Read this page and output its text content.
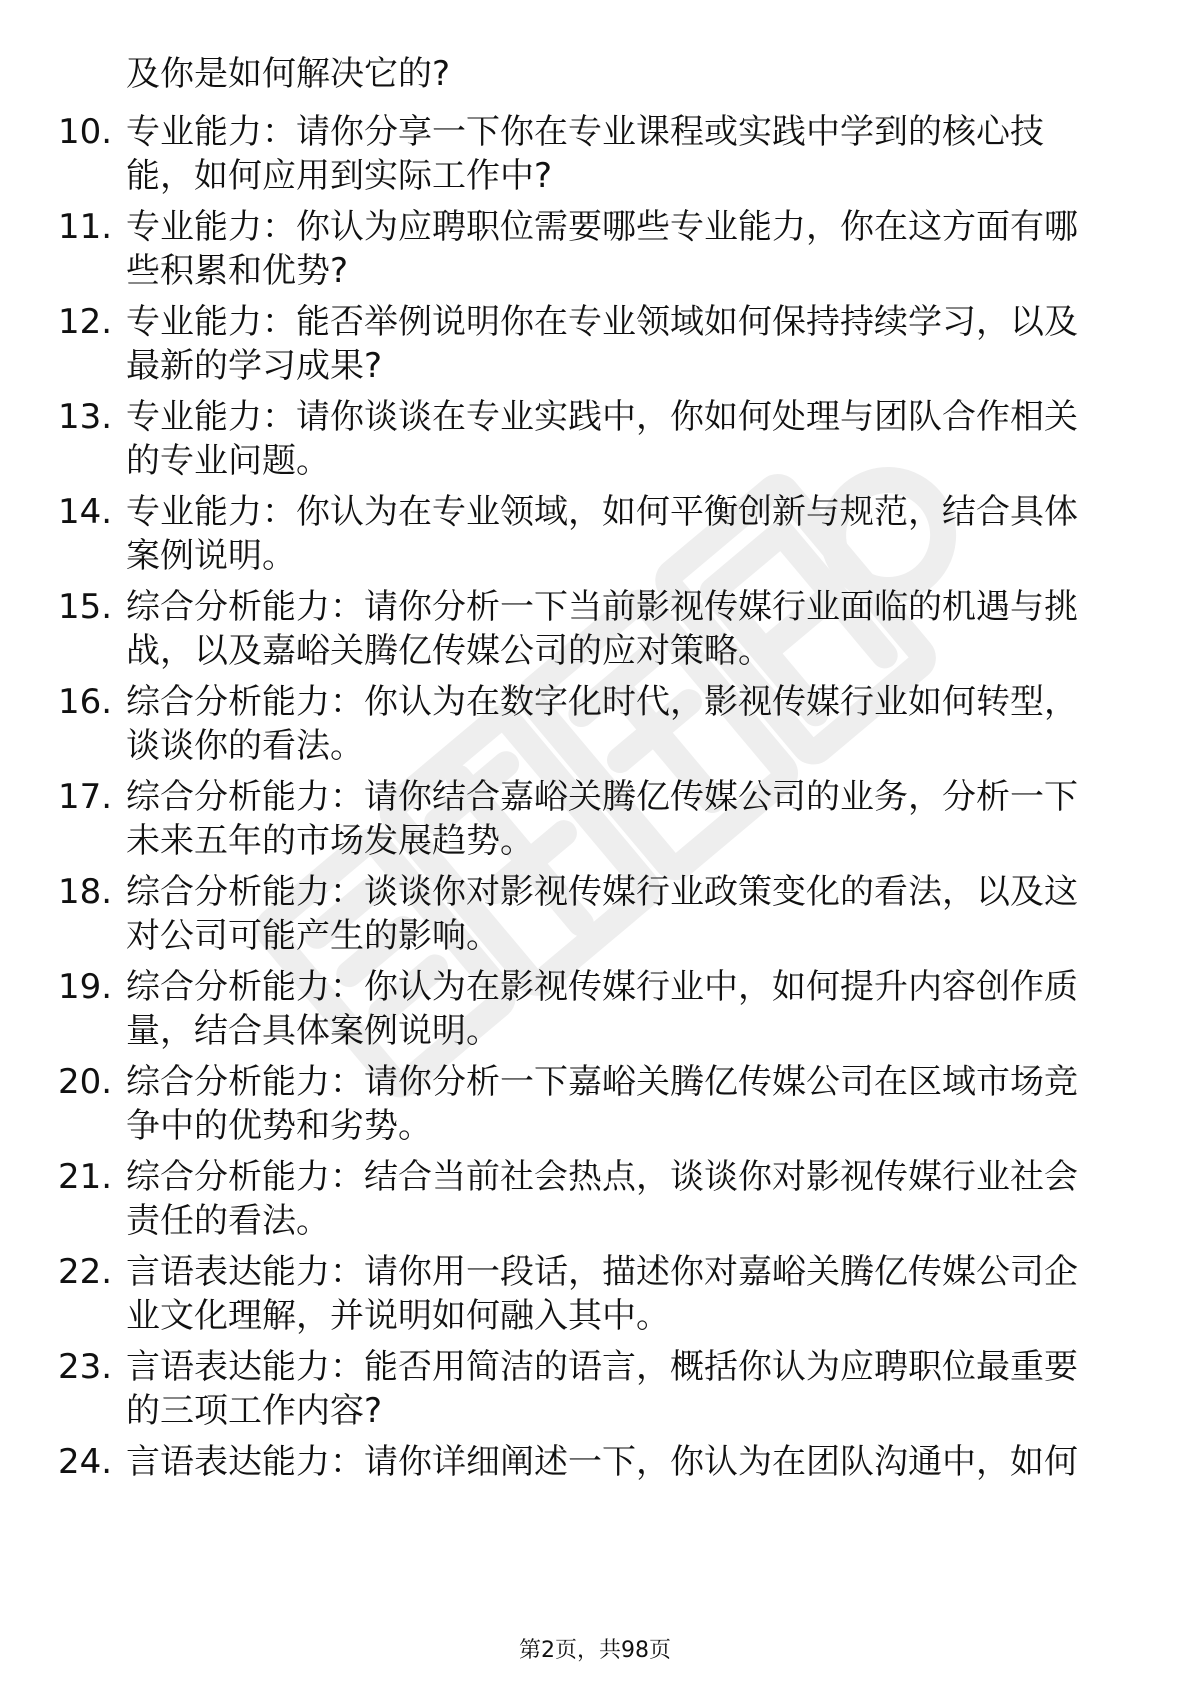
及你是如何解决它的?
10. 专业能力：请你分享一下你在专业课程或实践中学到的核心技
能，如何应用到实际工作中?
11. 专业能力：你认为应聘职位需要哪些专业能力，你在这方面有哪
些积累和优势?
12. 专业能力：能否举例说明你在专业领域如何保持持续学习，以及
最新的学习成果?
13. 专业能力：请你谈谈在专业实践中，你如何处理与团队合作相关
的专业问题。
14. 专业能力：你认为在专业领域，如何平衡创新与规范，结合具体
案例说明。
15. 综合分析能力：请你分析一下当前影视传媒行业面临的机遇与挑
战，以及嘉峪关腾亿传媒公司的应对策略。
16. 综合分析能力：你认为在数字化时代，影视传媒行业如何转型，
谈谈你的看法。
17. 综合分析能力：请你结合嘉峪关腾亿传媒公司的业务，分析一下
未来五年的市场发展趋势。
18. 综合分析能力：谈谈你对影视传媒行业政策变化的看法，以及这
对公司可能产生的影响。
19. 综合分析能力：你认为在影视传媒行业中，如何提升内容创作质
量，结合具体案例说明。
20. 综合分析能力：请你分析一下嘉峪关腾亿传媒公司在区域市场竞
争中的优势和劣势。
21. 综合分析能力：结合当前社会热点，谈谈你对影视传媒行业社会
责任的看法。
22. 言语表达能力：请你用一段话，描述你对嘉峪关腾亿传媒公司企
业文化理解，并说明如何融入其中。
23. 言语表达能力：能否用简洁的语言，概括你认为应聘职位最重要
的三项工作内容?
24. 言语表达能力：请你详细阐述一下，你认为在团队沟通中，如何
第2页，共98页
